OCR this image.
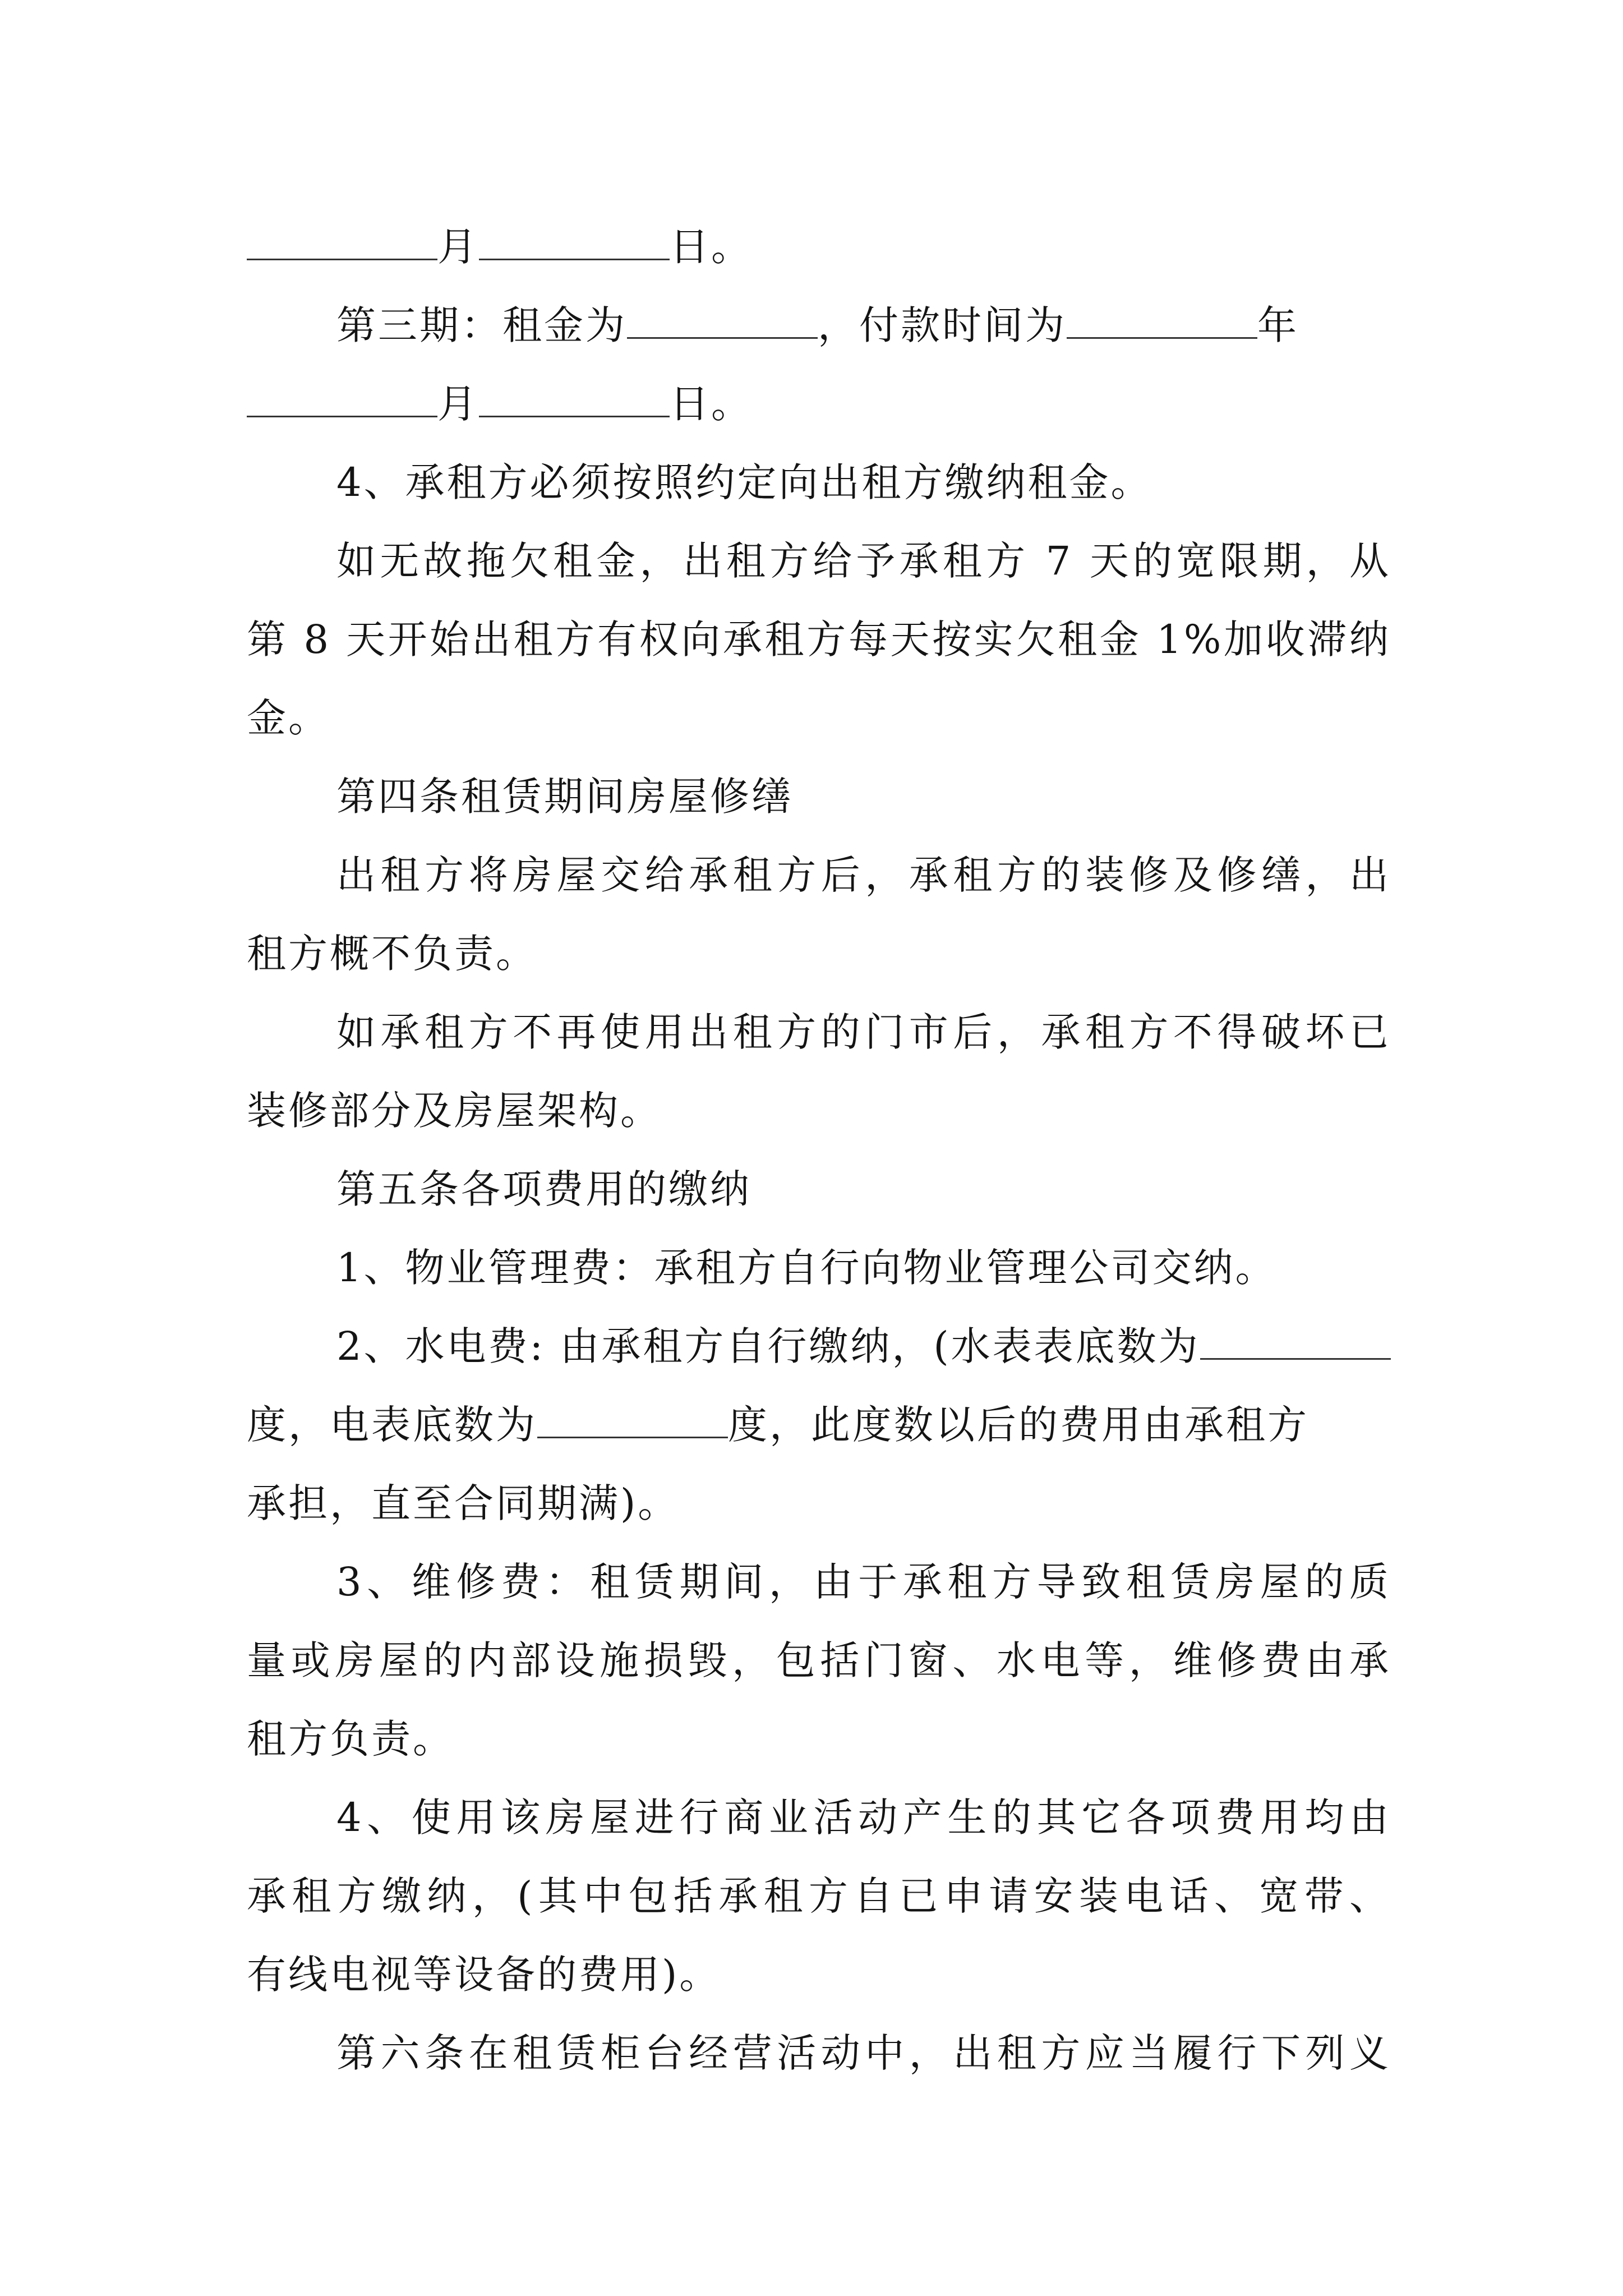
月	日。
第三期：租金为	，付款时间为	年
月	日。
4、承租方必须按照约定向出租方缴纳租金。
如无故拖欠租金，出租方给予承租方 7 天的宽限期，从
第 8 天开始出租方有权向承租方每天按实欠租金 1%加收滞纳
金。
第四条租赁期间房屋修缮
出租方将房屋交给承租方后，承租方的装修及修缮，出
租方概不负责。
如承租方不再使用出租方的门市后，承租方不得破坏已
装修部分及房屋架构。
第五条各项费用的缴纳
1、物业管理费：承租方自行向物业管理公司交纳。
2、水电费: 由承租方自行缴纳，(水表表底数为
度，电表底数为	度，此度数以后的费用由承租方
承担，直至合同期满)。
3、维修费：租赁期间，由于承租方导致租赁房屋的质
量或房屋的内部设施损毁，包括门窗、水电等，维修费由承
租方负责。
4、使用该房屋进行商业活动产生的其它各项费用均由
承租方缴纳，(其中包括承租方自已申请安装电话、宽带、
有线电视等设备的费用)。
第六条在租赁柜台经营活动中，出租方应当履行下列义
